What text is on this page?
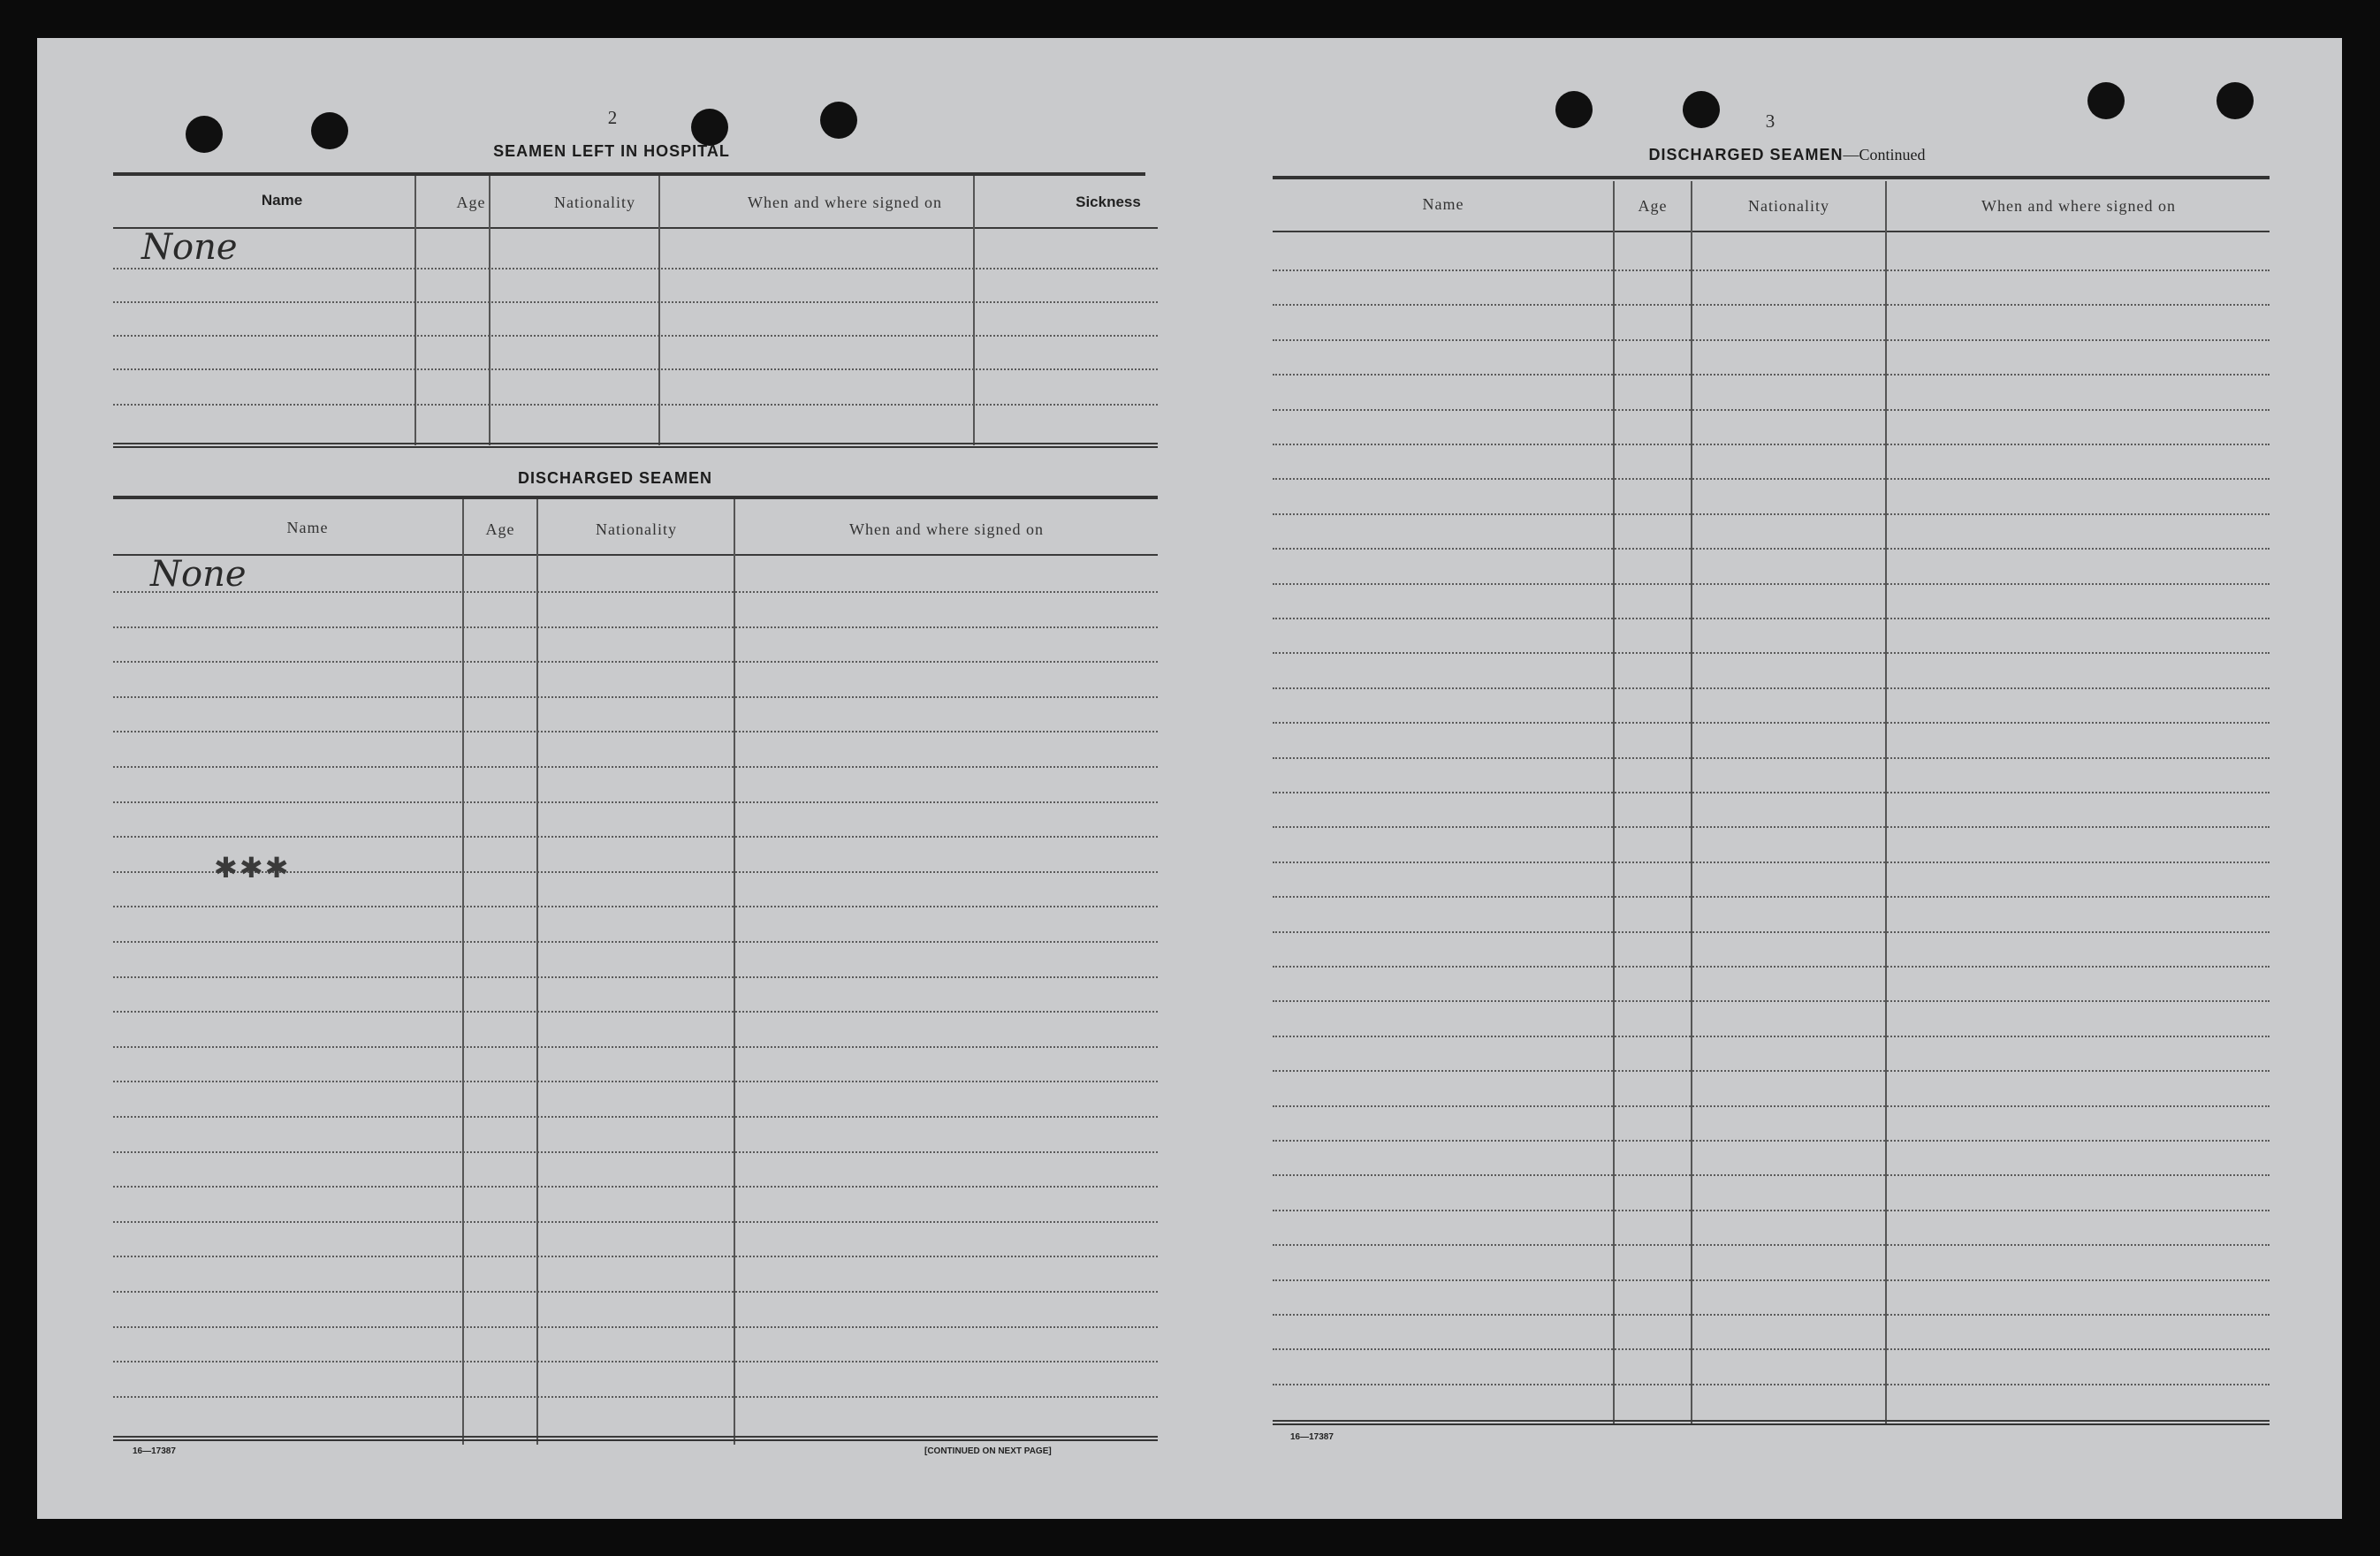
2
SEAMEN LEFT IN HOSPITAL
Name	Age	Nationality	When and where signed on	Sickness
None
DISCHARGED SEAMEN
Name	Age	Nationality	When and where signed on
None
✱✱✱
16—17387	[CONTINUED ON NEXT PAGE]
3
DISCHARGED SEAMEN—Continued
Name	Age	Nationality	When and where signed on
16—17387
